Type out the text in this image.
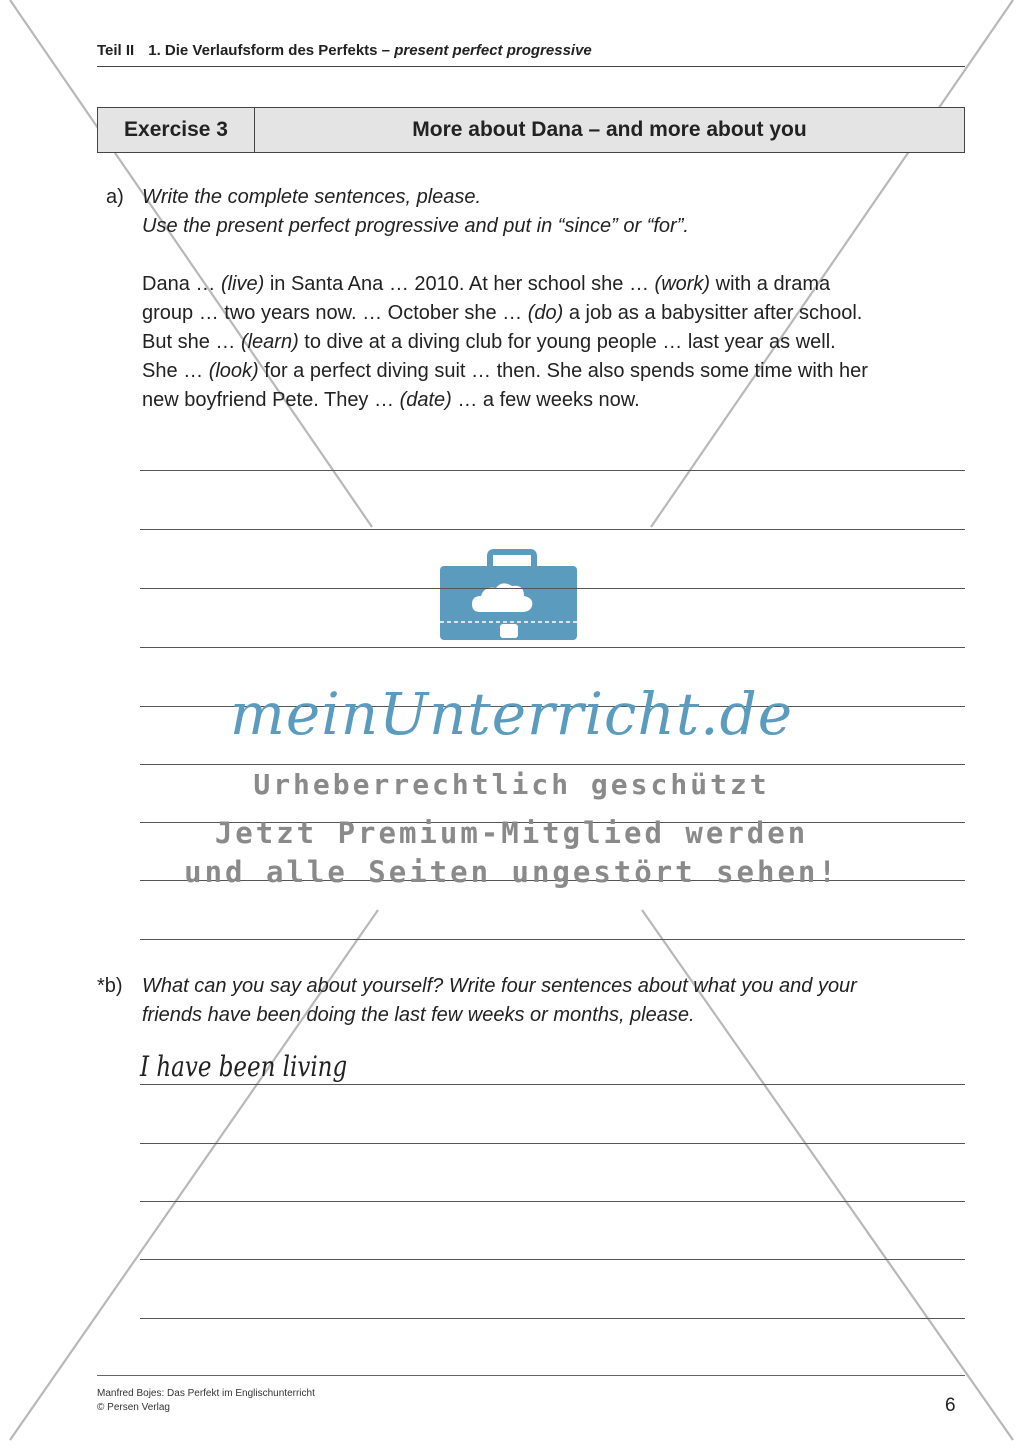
Teil II 1. Die Verlaufsform des Perfekts – present perfect progressive
Exercise 3	More about Dana – and more about you
a) Write the complete sentences, please.
Use the present perfect progressive and put in “since” or “for”.
Dana … (live) in Santa Ana … 2010. At her school she … (work) with a drama
group … two years now. … October she … (do) a job as a babysitter after school.
But she … (learn) to dive at a diving club for young people … last year as well.
She … (look) for a perfect diving suit … then. She also spends some time with her
new boyfriend Pete. They … (date) … a few weeks now.
*b) What can you say about yourself? Write four sentences about what you and your
friends have been doing the last few weeks or months, please.
I have been living
meinUnterricht.de
Urheberrechtlich geschützt
Jetzt Premium-Mitglied werden
und alle Seiten ungestört sehen!
Manfred Bojes: Das Perfekt im Englischunterricht
© Persen Verlag	6
